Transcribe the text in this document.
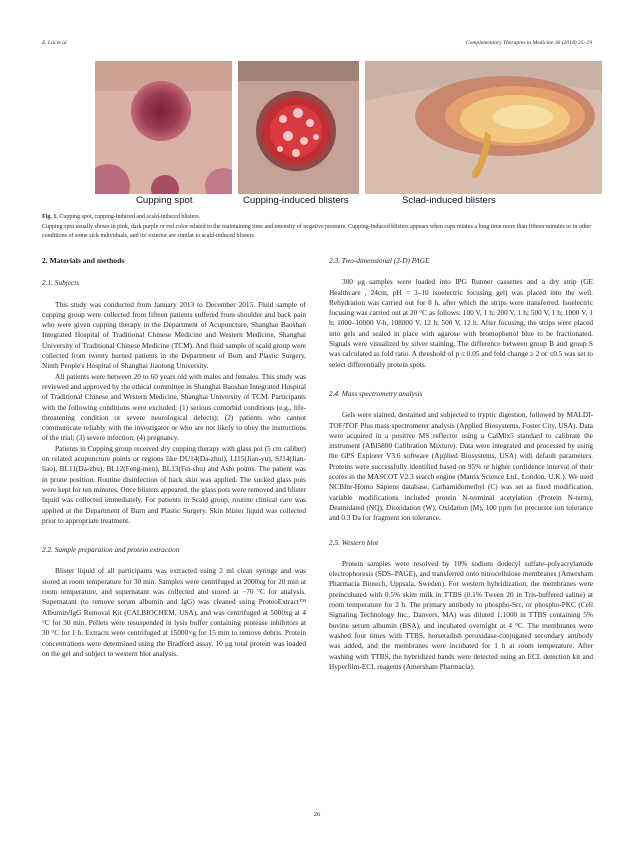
Z. Liu et al.	Complementary Therapies in Medicine 36 (2018) 25–29
Cupping spot	Cupping-induced blisters	Sclad-induced blisters
Fig. 1. Cupping spot, cupping-induced and scald-induced blisters.
Cupping spot usually shows in pink, dark purple or red color related to the maintaining time and intensity of negative pressure. Cupping-induced blisters appears when cups retains a long time more than fifteen minutes or in other conditions of some sick individuals, and its' exterior are similar to scald-induced blisters.
2. Materials and methods
2.1. Subjects

This study was conducted from January 2013 to December 2015. Fluid sample of cupping group were collected from fifteen patients suffered from shoulder and back pain who were given cupping therapy in the Department of Acupuncture, Shanghai Baoshan Integrated Hospital of Traditional Chinese Medicine and Western Medicine, Shanghai University of Traditional Chinese Medicine (TCM). And fluid sample of scald group were collected from twenty burned patients in the Department of Burn and Plastic Surgery, Ninth People's Hospital of Shanghai Jiaotong University.

All patients were between 20 to 60 years old with males and females. This study was reviewed and approved by the ethical committee in Shanghai Baoshan Integrated Hospital of Traditional Chinese and Western Medicine, Shanghai University of TCM. Participants with the following conditions were excluded: (1) serious comorbid conditions (e.g., life-threatening condition or severe neurological defects); (2) patients who cannot communicate reliably with the investigator or who are not likely to obey the instructions of the trial; (3) severe infection; (4) pregnancy.

Patients in Cupping group received dry cupping therapy with glass pot (5 cm caliber) on related acupuncture points or regions like DU14(Da-zhui), LI15(Jian-yu), SJ14(Jian-liao), BL11(Da-zhu), BL12(Feng-men), BL13(Fei-shu) and Ashi points. The patient was in prone position. Routine disinfection of back skin was applied. The sucked glass pots were kept for ten minutes. Once blisters appeared, the glass pots were removed and blister liquid was collected immediately. For patients in Scald group, routine clinical care was applied at the Department of Burn and Plastic Surgery. Skin blister liquid was collected prior to appropriate treatment.

2.2. Sample preparation and protein extraction

Blister liquid of all participants was extracted using 2 ml clean syringe and was stored at room temperature for 30 min. Samples were centrifuged at 2000xg for 20 min at room temperature, and supernatant was collected and stored at −70 °C for analysis. Supernatant (to remove serum albumin and IgG) was cleaned using ProteoExtract™ Albumin/IgG Removal Kit (CALBIOCHEM, USA), and was centrifuged at 5000xg at 4 °C for 30 min. Pellets were resuspended in lysis buffer containing protease inhibitors at 30 °C for 1 h. Extracts were centrifuged at 15000×g for 15 min to remove debris. Protein concentrations were determined using the Bradford assay. 10 μg total protein was loaded on the gel and subject to western blot analysis.

2.3. Two-dimensional (2-D) PAGE

300 μg samples were loaded into IPG Runner cassettes and a dry strip (GE Healthcare , 24cm, pH = 3–10 isoelectric focusing gel) was placed into the well. Rehydration was carried out for 8 h, after which the strips were transferred. Isoelectric focusing was carried out at 20 °C as follows: 100 V, 1 h; 200 V, 1 h; 500 V, 1 h; 1000 V, 1 h; 1000–10000 V-h, 108000 V, 12 h; 500 V, 12 h. After focusing, the strips were placed into gels and sealed in place with agarose with bromophenol blue to be fractionated. Signals were visualized by silver staining. The difference between group B and group S was calculated as fold ratio. A threshold of p ≤ 0.05 and fold change ≥ 2 or ≤0.5 was set to select differentially protein spots.

2.4. Mass spectrometry analysis

Gels were stained, destained and subjected to tryptic digestion, followed by MALDI-TOF/TOF Plus mass spectrometer analysis (Applied Biosystems, Foster City, USA). Data were acquired in a positive MS reflector using a CalMix5 standard to calibrate the instrument (ABI5800 Calibration Mixture). Data were integrated and processed by using the GPS Explorer V3.6 software (Applied Biosystems, USA) with default parameters. Proteins were successfully identified based on 95% or higher confidence interval of their scores in the MASCOT V2.3 search engine (Matrix Science Ltd., London, U.K.). We used NCBInr-Homo Sapiens database, Carbamidomethyl (C) was set as fixed modification, variable modifications included protein N-terminal acetylation (Protein N-term), Deamidated (NQ), Dioxidation (W), Oxidation (M), 100 ppm for precursor ion tolerance and 0.3 Da for fragment ion tolerance.

2.5. Western blot

Protein samples were resolved by 10% sodium dodecyl sulfate–polyacrylamide electrophoresis (SDS–PAGE), and transferred onto nitrocellulose membranes (Amersham Pharmacia Biotech, Uppsala, Sweden). For western hybridization, the membranes were preincubated with 0.5% skim milk in TTBS (0.1% Tween 20 in Tris-buffered saline) at room temperature for 2 h. The primary antibody to phospho-Src, or phospho-PKC (Cell Signaling Technology Inc., Danvers, MA) was diluted 1:1000 in TTBS containing 5% bovine serum albumin (BSA), and incubated overnight at 4 °C. The membranes were washed four times with TTBS, horseradish peroxidase-conjugated secondary antibody was added, and the membranes were incubated for 1 h at room temperature. After washing with TTBS, the hybridized bands were detected using an ECL detection kit and Hyperfilm-ECL reagents (Amersham Pharmacia).

26
